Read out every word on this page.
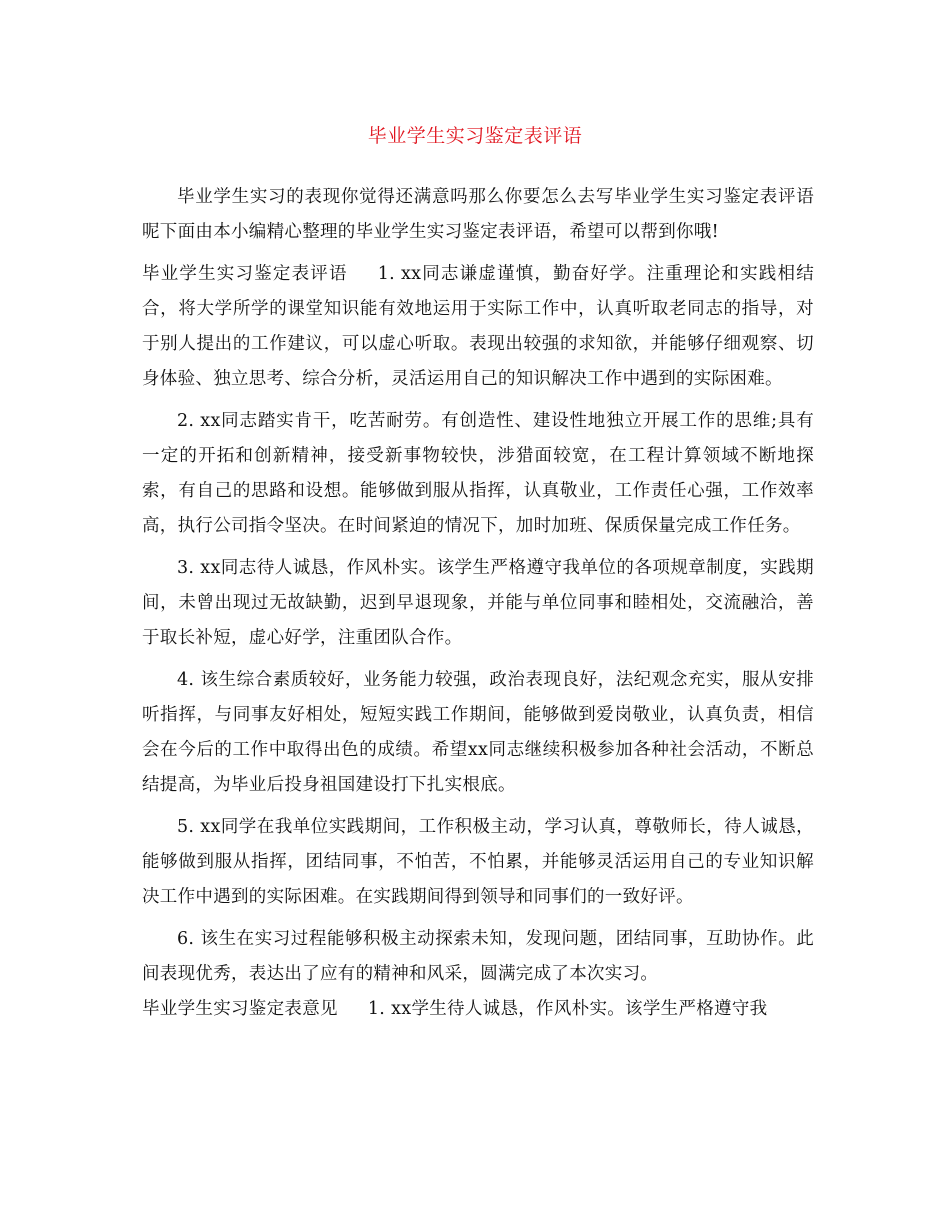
毕业学生实习鉴定表评语

毕业学生实习的表现你觉得还满意吗那么你要怎么去写毕业学生实习鉴定表评语呢下面由本小编精心整理的毕业学生实习鉴定表评语，希望可以帮到你哦!

毕业学生实习鉴定表评语 1. xx同志谦虚谨慎，勤奋好学。注重理论和实践相结合，将大学所学的课堂知识能有效地运用于实际工作中，认真听取老同志的指导，对于别人提出的工作建议，可以虚心听取。表现出较强的求知欲，并能够仔细观察、切身体验、独立思考、综合分析，灵活运用自己的知识解决工作中遇到的实际困难。

2. xx同志踏实肯干，吃苦耐劳。有创造性、建设性地独立开展工作的思维;具有一定的开拓和创新精神，接受新事物较快，涉猎面较宽，在工程计算领域不断地探索，有自己的思路和设想。能够做到服从指挥，认真敬业，工作责任心强，工作效率高，执行公司指令坚决。在时间紧迫的情况下，加时加班、保质保量完成工作任务。

3. xx同志待人诚恳，作风朴实。该学生严格遵守我单位的各项规章制度，实践期间，未曾出现过无故缺勤，迟到早退现象，并能与单位同事和睦相处，交流融洽，善于取长补短，虚心好学，注重团队合作。

4. 该生综合素质较好，业务能力较强，政治表现良好，法纪观念充实，服从安排听指挥，与同事友好相处，短短实践工作期间，能够做到爱岗敬业，认真负责，相信会在今后的工作中取得出色的成绩。希望xx同志继续积极参加各种社会活动，不断总结提高，为毕业后投身祖国建设打下扎实根底。

5. xx同学在我单位实践期间，工作积极主动，学习认真，尊敬师长，待人诚恳，能够做到服从指挥，团结同事，不怕苦，不怕累，并能够灵活运用自己的专业知识解决工作中遇到的实际困难。在实践期间得到领导和同事们的一致好评。

6. 该生在实习过程能够积极主动探索未知，发现问题，团结同事，互助协作。此间表现优秀，表达出了应有的精神和风采，圆满完成了本次实习。

毕业学生实习鉴定表意见 1. xx学生待人诚恳，作风朴实。该学生严格遵守我
